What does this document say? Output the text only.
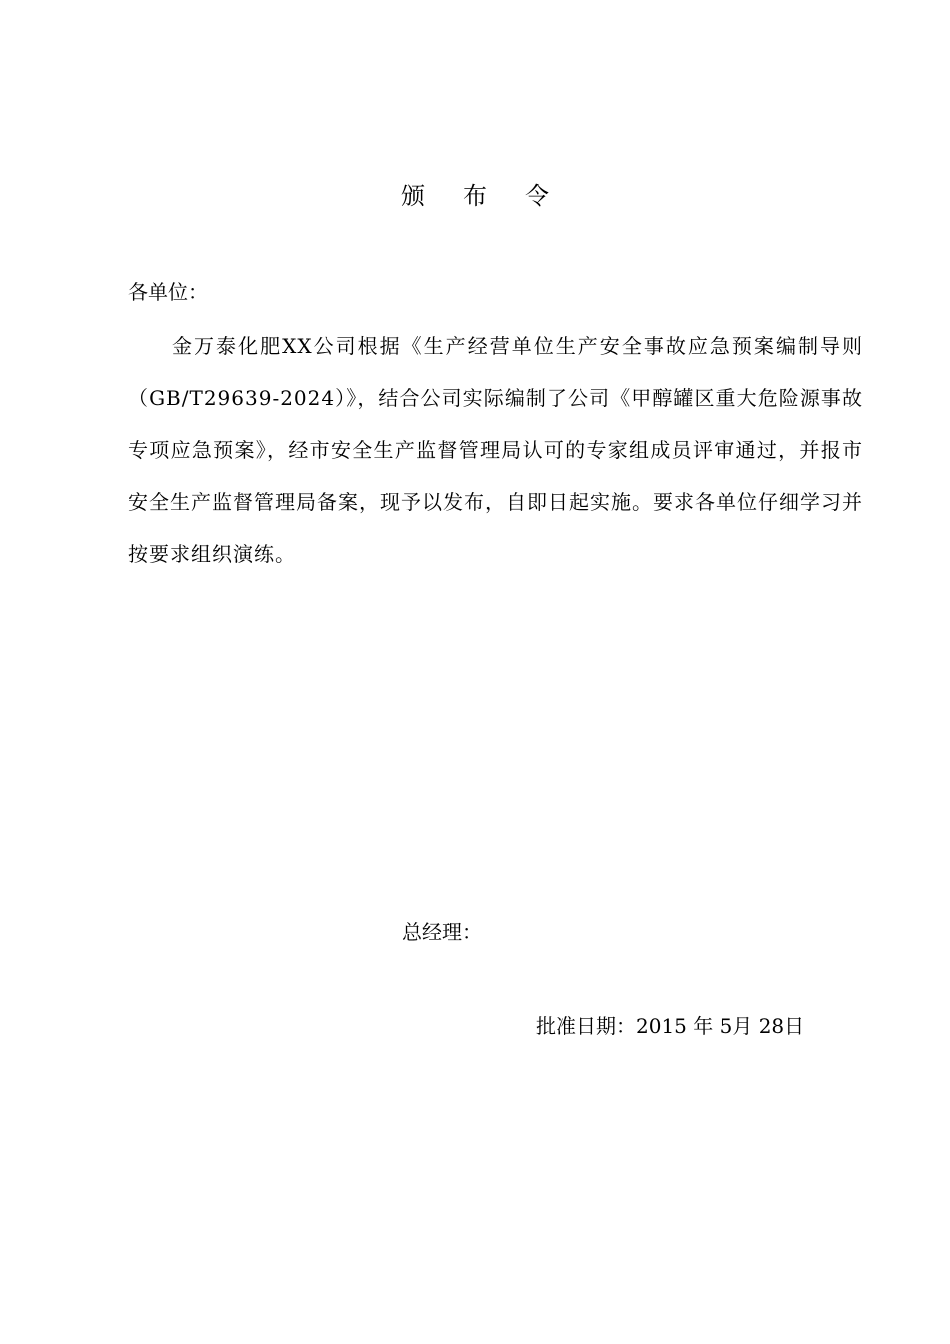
颁布令
各单位：

金万泰化肥XX公司根据《生产经营单位生产安全事故应急预案编制导则（GB/T29639-2024）》，结合公司实际编制了公司《甲醇罐区重大危险源事故专项应急预案》，经市安全生产监督管理局认可的专家组成员评审通过，并报市安全生产监督管理局备案，现予以发布，自即日起实施。要求各单位仔细学习并按要求组织演练。

总经理：
批准日期：2015 年 5月 28日
